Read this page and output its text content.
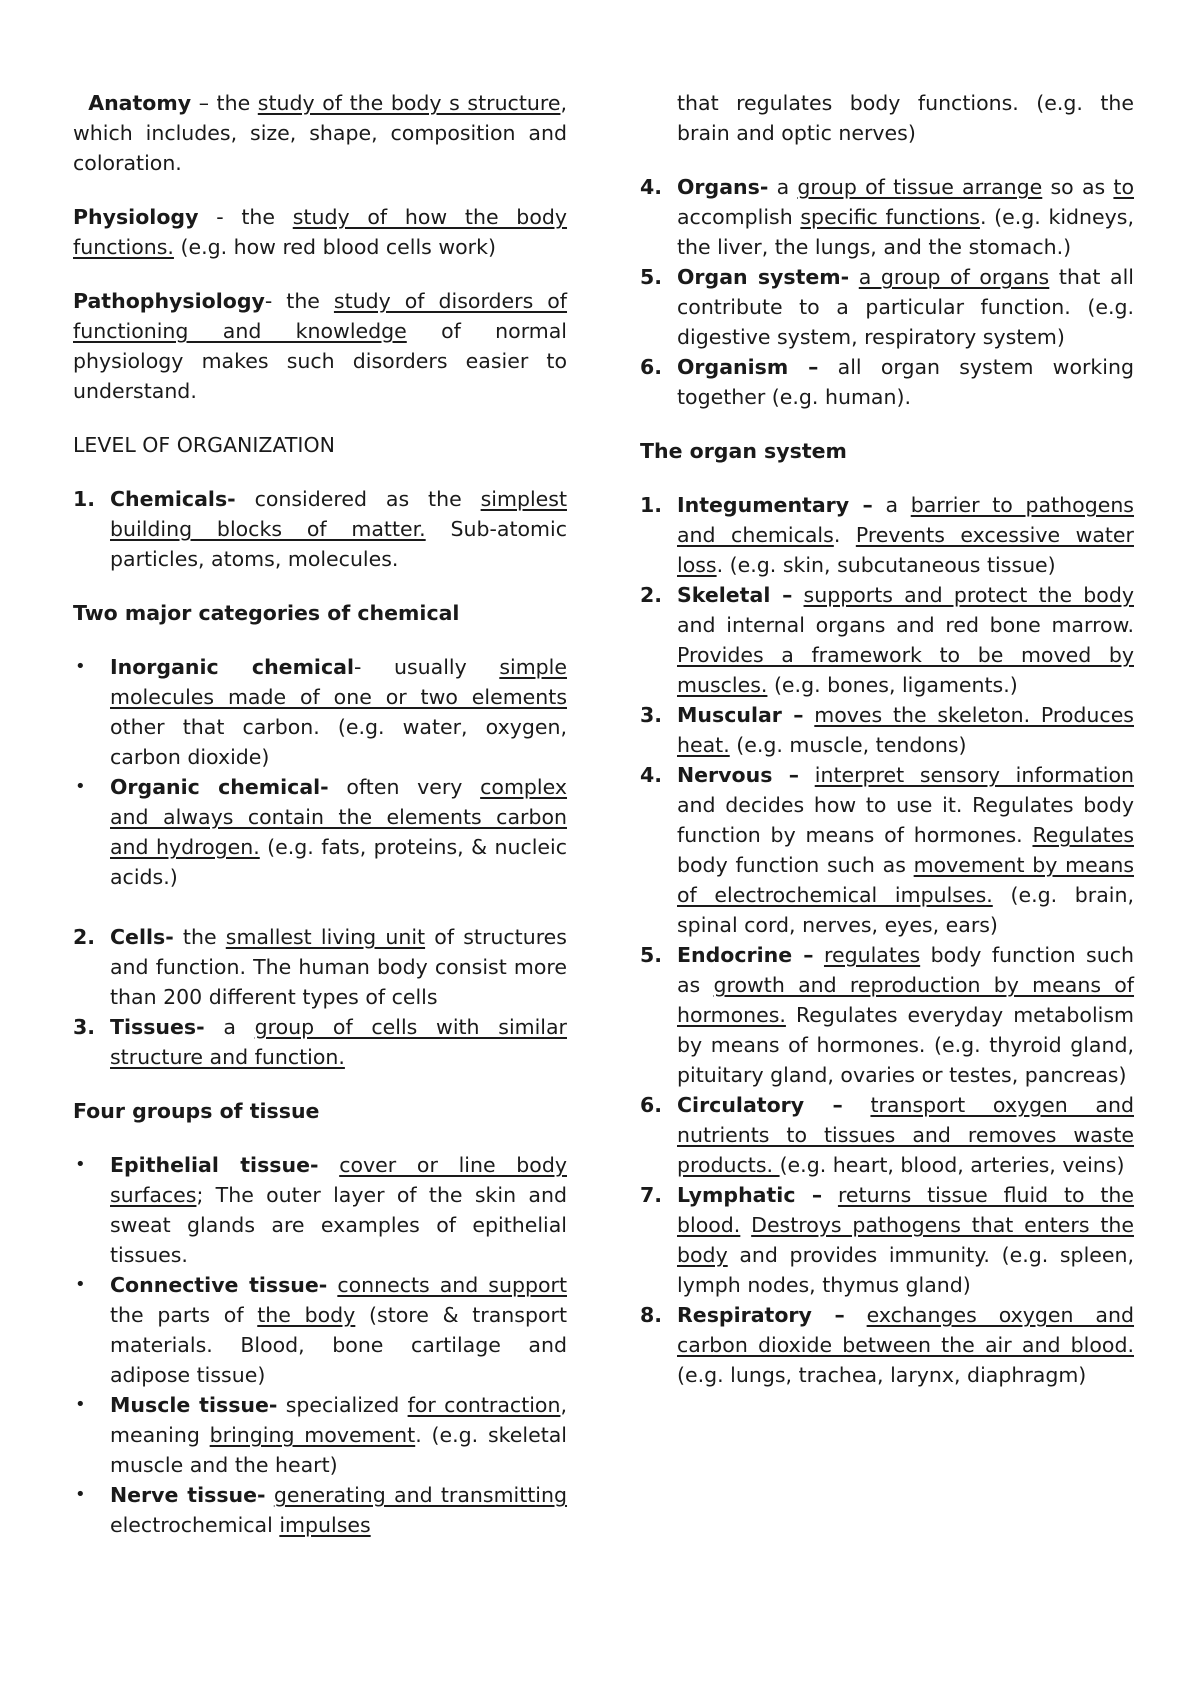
Anatomy – the study of the body s structure, which includes, size, shape, composition and coloration.

Physiology - the study of how the body functions. (e.g. how red blood cells work)

Pathophysiology- the study of disorders of functioning and knowledge of normal physiology makes such disorders easier to understand.

LEVEL OF ORGANIZATION

1. Chemicals- considered as the simplest building blocks of matter. Sub-atomic particles, atoms, molecules.

Two major categories of chemical

• Inorganic chemical- usually simple molecules made of one or two elements other that carbon. (e.g. water, oxygen, carbon dioxide)
• Organic chemical- often very complex and always contain the elements carbon and hydrogen. (e.g. fats, proteins, & nucleic acids.)
2. Cells- the smallest living unit of structures and function. The human body consist more than 200 different types of cells
3. Tissues- a group of cells with similar structure and function.

Four groups of tissue

• Epithelial tissue- cover or line body surfaces; The outer layer of the skin and sweat glands are examples of epithelial tissues.
• Connective tissue- connects and support the parts of the body (store & transport materials. Blood, bone cartilage and adipose tissue)
• Muscle tissue- specialized for contraction, meaning bringing movement. (e.g. skeletal muscle and the heart)
• Nerve tissue- generating and transmitting electrochemical impulses

that regulates body functions. (e.g. the brain and optic nerves)

4. Organs- a group of tissue arrange so as to accomplish specific functions. (e.g. kidneys, the liver, the lungs, and the stomach.)
5. Organ system- a group of organs that all contribute to a particular function. (e.g. digestive system, respiratory system)
6. Organism – all organ system working together (e.g. human).

The organ system

1. Integumentary – a barrier to pathogens and chemicals. Prevents excessive water loss. (e.g. skin, subcutaneous tissue)
2. Skeletal – supports and protect the body and internal organs and red bone marrow. Provides a framework to be moved by muscles. (e.g. bones, ligaments.)
3. Muscular – moves the skeleton. Produces heat. (e.g. muscle, tendons)
4. Nervous – interpret sensory information and decides how to use it. Regulates body function by means of hormones. Regulates body function such as movement by means of electrochemical impulses. (e.g. brain, spinal cord, nerves, eyes, ears)
5. Endocrine – regulates body function such as growth and reproduction by means of hormones. Regulates everyday metabolism by means of hormones. (e.g. thyroid gland, pituitary gland, ovaries or testes, pancreas)
6. Circulatory – transport oxygen and nutrients to tissues and removes waste products. (e.g. heart, blood, arteries, veins)
7. Lymphatic – returns tissue fluid to the blood. Destroys pathogens that enters the body and provides immunity. (e.g. spleen, lymph nodes, thymus gland)
8. Respiratory – exchanges oxygen and carbon dioxide between the air and blood. (e.g. lungs, trachea, larynx, diaphragm)
